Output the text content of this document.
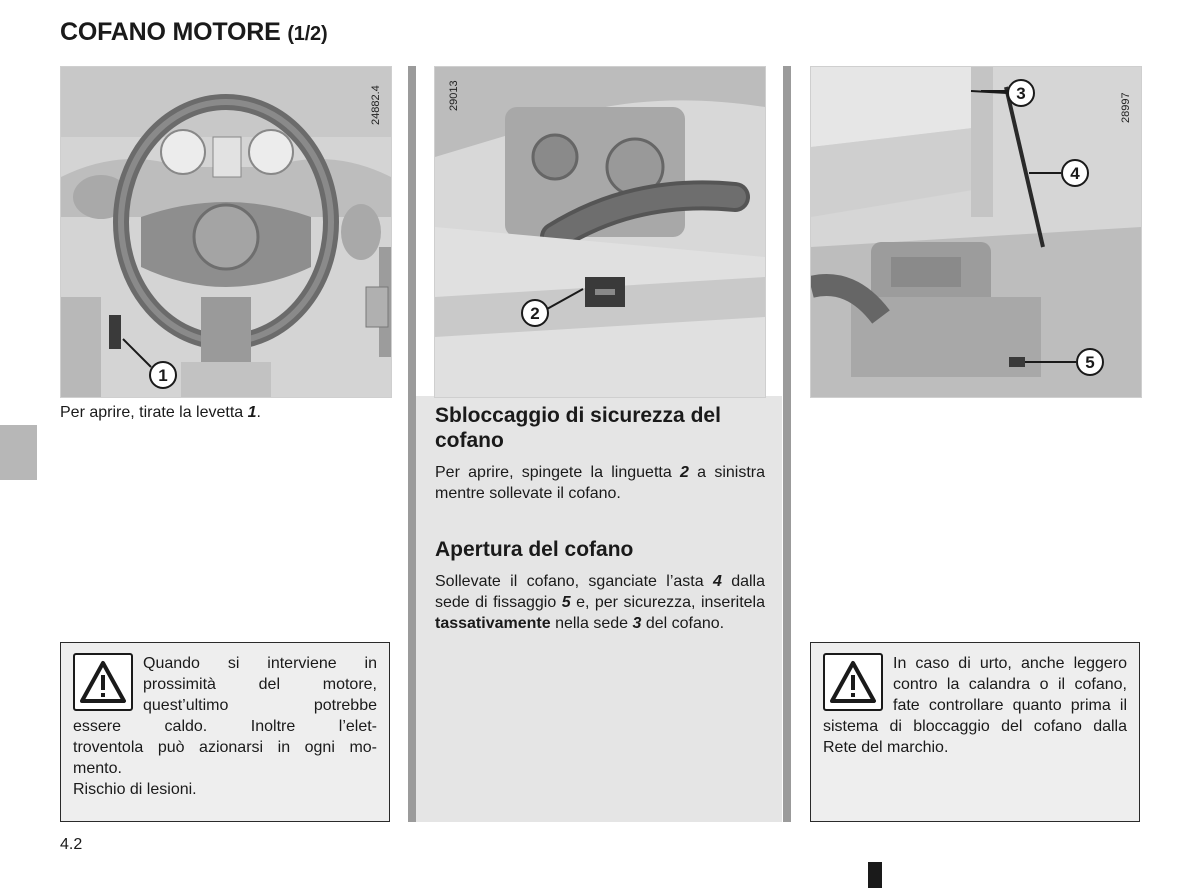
COFANO MOTORE (1/2)
1
24882.4
2
29013	3
4
5
28997
Per aprire, tirate la levetta 1.
Quando si interviene in
prossimità del motore,
quest’ultimo potrebbe
essere caldo. Inoltre l’elet-
troventola può azionarsi in ogni mo-
mento.
Rischio di lesioni.
Sbloccaggio di sicurezza del cofano
Per aprire, spingete la linguetta 2 a sinistra mentre sollevate il cofano.
Apertura del cofano
Sollevate il cofano, sganciate l’asta 4 dalla sede di fissaggio 5 e, per sicurezza, inseritela tassativamente nella sede 3 del cofano.
In caso di urto, anche leggero contro la calandra o il cofano, fate controllare quanto prima il sistema di bloccaggio del cofano dalla Rete del marchio.
4.2
